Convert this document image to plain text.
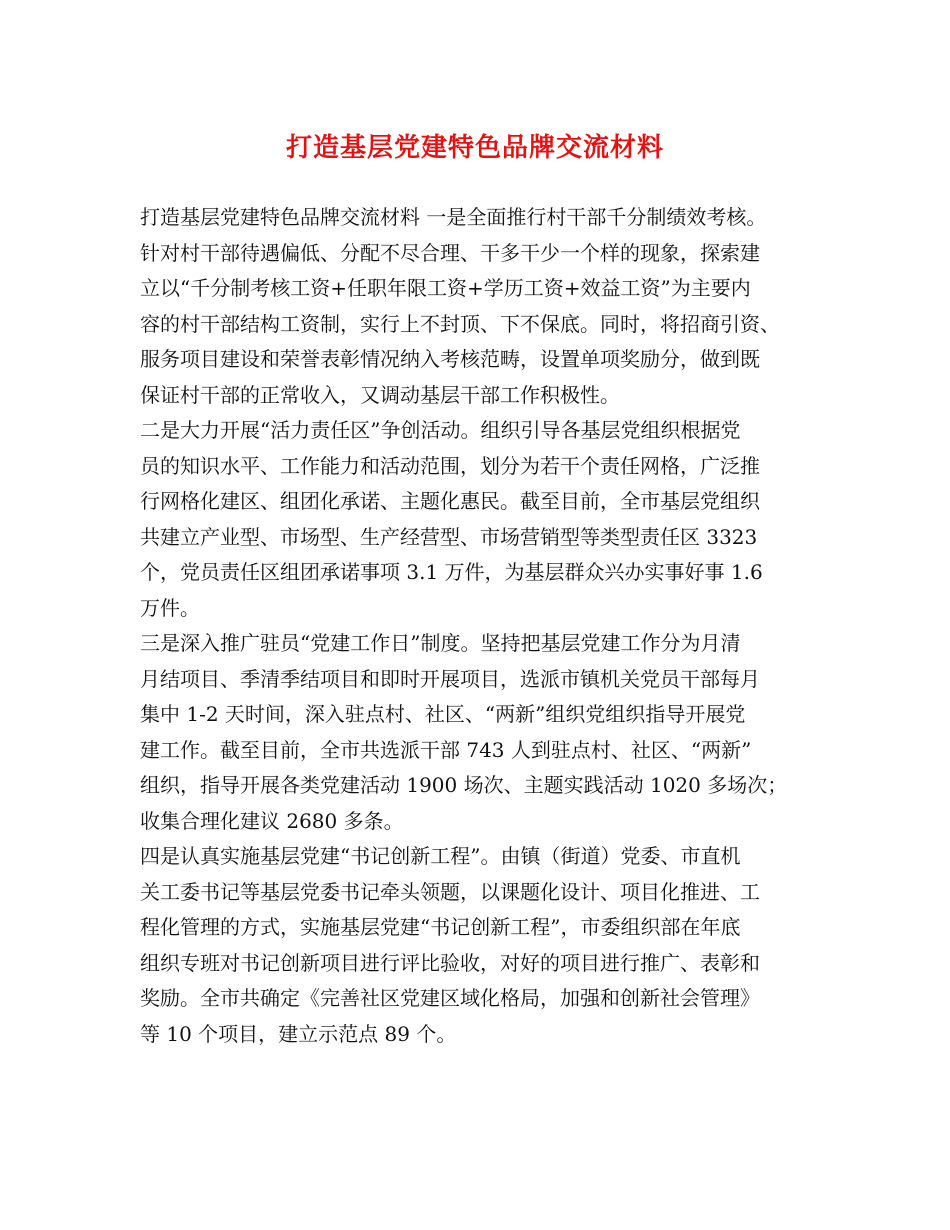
打造基层党建特色品牌交流材料
打造基层党建特色品牌交流材料 一是全面推行村干部千分制绩效考核。
针对村干部待遇偏低、分配不尽合理、干多干少一个样的现象，探索建
立以“千分制考核工资+任职年限工资+学历工资+效益工资”为主要内
容的村干部结构工资制，实行上不封顶、下不保底。同时，将招商引资、
服务项目建设和荣誉表彰情况纳入考核范畴，设置单项奖励分，做到既
保证村干部的正常收入，又调动基层干部工作积极性。
二是大力开展“活力责任区”争创活动。组织引导各基层党组织根据党
员的知识水平、工作能力和活动范围，划分为若干个责任网格，广泛推
行网格化建区、组团化承诺、主题化惠民。截至目前，全市基层党组织
共建立产业型、市场型、生产经营型、市场营销型等类型责任区 3323
个，党员责任区组团承诺事项 3.1 万件，为基层群众兴办实事好事 1.6
万件。
三是深入推广驻员“党建工作日”制度。坚持把基层党建工作分为月清
月结项目、季清季结项目和即时开展项目，选派市镇机关党员干部每月
集中 1-2 天时间，深入驻点村、社区、“两新”组织党组织指导开展党
建工作。截至目前，全市共选派干部 743 人到驻点村、社区、“两新”
组织，指导开展各类党建活动 1900 场次、主题实践活动 1020 多场次；
收集合理化建议 2680 多条。
四是认真实施基层党建“书记创新工程”。由镇（街道）党委、市直机
关工委书记等基层党委书记牵头领题，以课题化设计、项目化推进、工
程化管理的方式，实施基层党建“书记创新工程”，市委组织部在年底
组织专班对书记创新项目进行评比验收，对好的项目进行推广、表彰和
奖励。全市共确定《完善社区党建区域化格局，加强和创新社会管理》
等 10 个项目，建立示范点 89 个。
